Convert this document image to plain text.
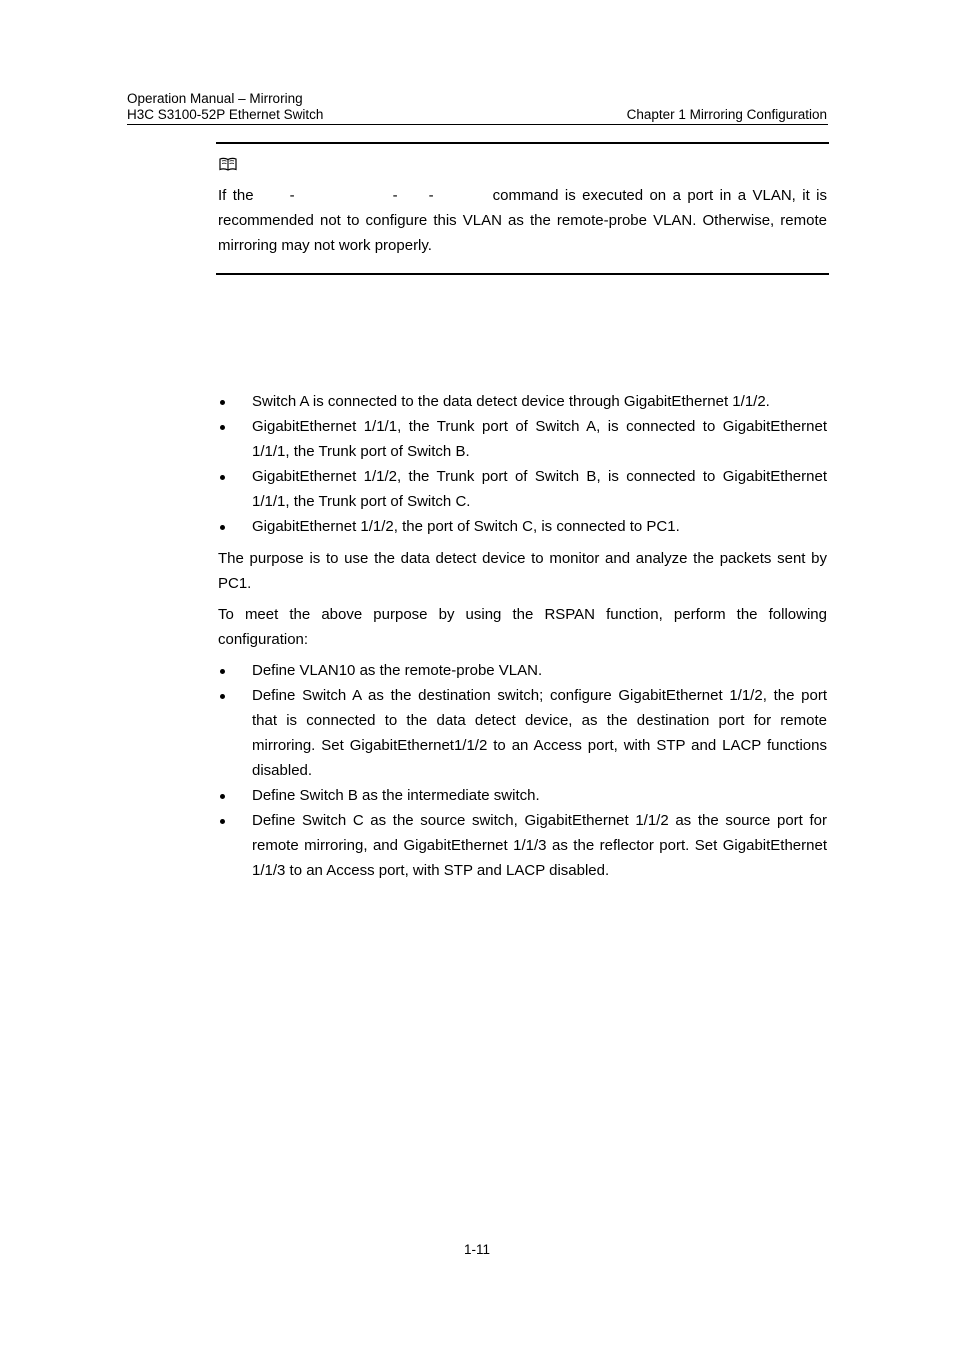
Operation Manual – Mirroring
H3C S3100-52P Ethernet Switch	Chapter 1 Mirroring Configuration
If the -	- -	command is executed on a port in a VLAN, it is recommended not to configure this VLAN as the remote-probe VLAN. Otherwise, remote mirroring may not work properly.
Switch A is connected to the data detect device through GigabitEthernet 1/1/2.
GigabitEthernet 1/1/1, the Trunk port of Switch A, is connected to GigabitEthernet 1/1/1, the Trunk port of Switch B.
GigabitEthernet 1/1/2, the Trunk port of Switch B, is connected to GigabitEthernet 1/1/1, the Trunk port of Switch C.
GigabitEthernet 1/1/2, the port of Switch C, is connected to PC1.
The purpose is to use the data detect device to monitor and analyze the packets sent by PC1.
To meet the above purpose by using the RSPAN function, perform the following configuration:
Define VLAN10 as the remote-probe VLAN.
Define Switch A as the destination switch; configure GigabitEthernet 1/1/2, the port that is connected to the data detect device, as the destination port for remote mirroring. Set GigabitEthernet1/1/2 to an Access port, with STP and LACP functions disabled.
Define Switch B as the intermediate switch.
Define Switch C as the source switch, GigabitEthernet 1/1/2 as the source port for remote mirroring, and GigabitEthernet 1/1/3 as the reflector port. Set GigabitEthernet 1/1/3 to an Access port, with STP and LACP disabled.
1-11
